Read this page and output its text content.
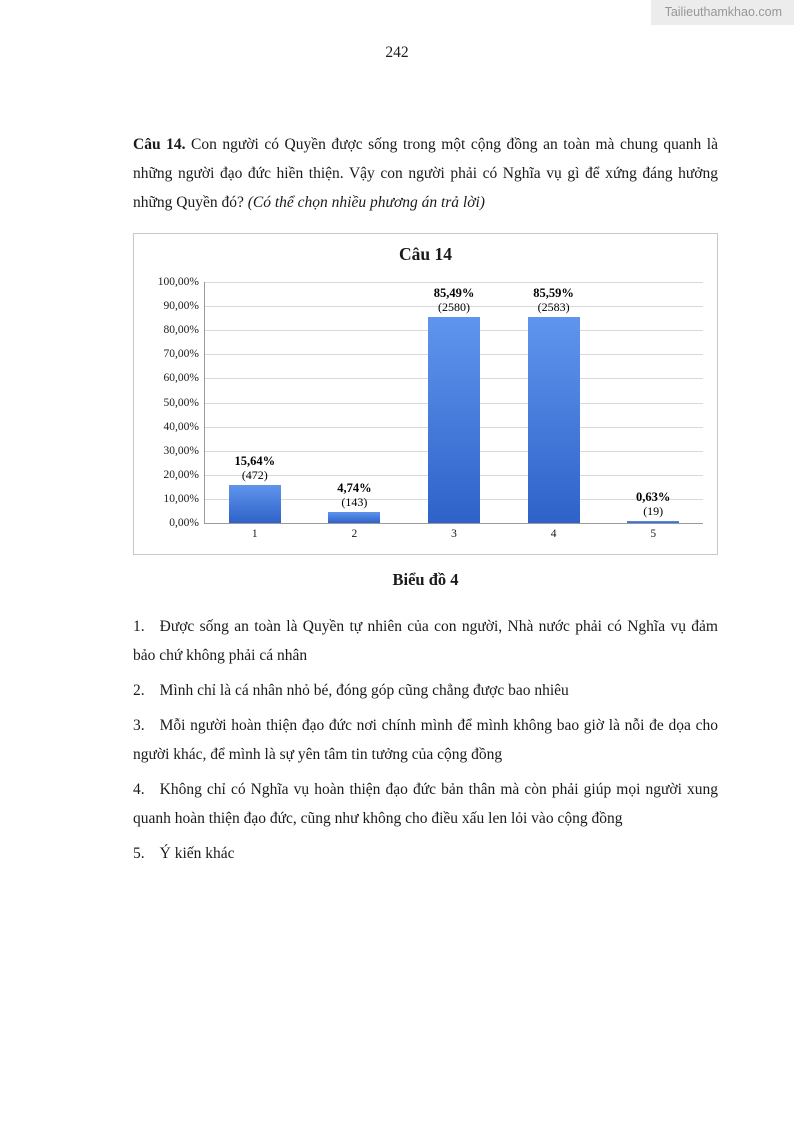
Tailieuthamkhao.com
242

Câu 14. Con người có Quyền được sống trong một cộng đồng an toàn mà chung quanh là những người đạo đức hiền thiện. Vậy con người phải có Nghĩa vụ gì để xứng đáng hưởng những Quyền đó? (Có thể chọn nhiều phương án trả lời)

Câu 14
100,00%
90,00%
80,00%
70,00%
60,00%
50,00%
40,00%
30,00%
20,00%
10,00%
0,00%
15,64%
(472)
1
4,74%
(143)
2
85,49%
(2580)
3
85,59%
(2583)
4
0,63%
(19)
5

Biểu đồ 4

1. Được sống an toàn là Quyền tự nhiên của con người, Nhà nước phải có Nghĩa vụ đảm bảo chứ không phải cá nhân

2. Mình chỉ là cá nhân nhỏ bé, đóng góp cũng chẳng được bao nhiêu

3. Mỗi người hoàn thiện đạo đức nơi chính mình để mình không bao giờ là nỗi đe dọa cho người khác, để mình là sự yên tâm tin tưởng của cộng đồng

4. Không chỉ có Nghĩa vụ hoàn thiện đạo đức bản thân mà còn phải giúp mọi người xung quanh hoàn thiện đạo đức, cũng như không cho điều xấu len lỏi vào cộng đồng

5. Ý kiến khác
